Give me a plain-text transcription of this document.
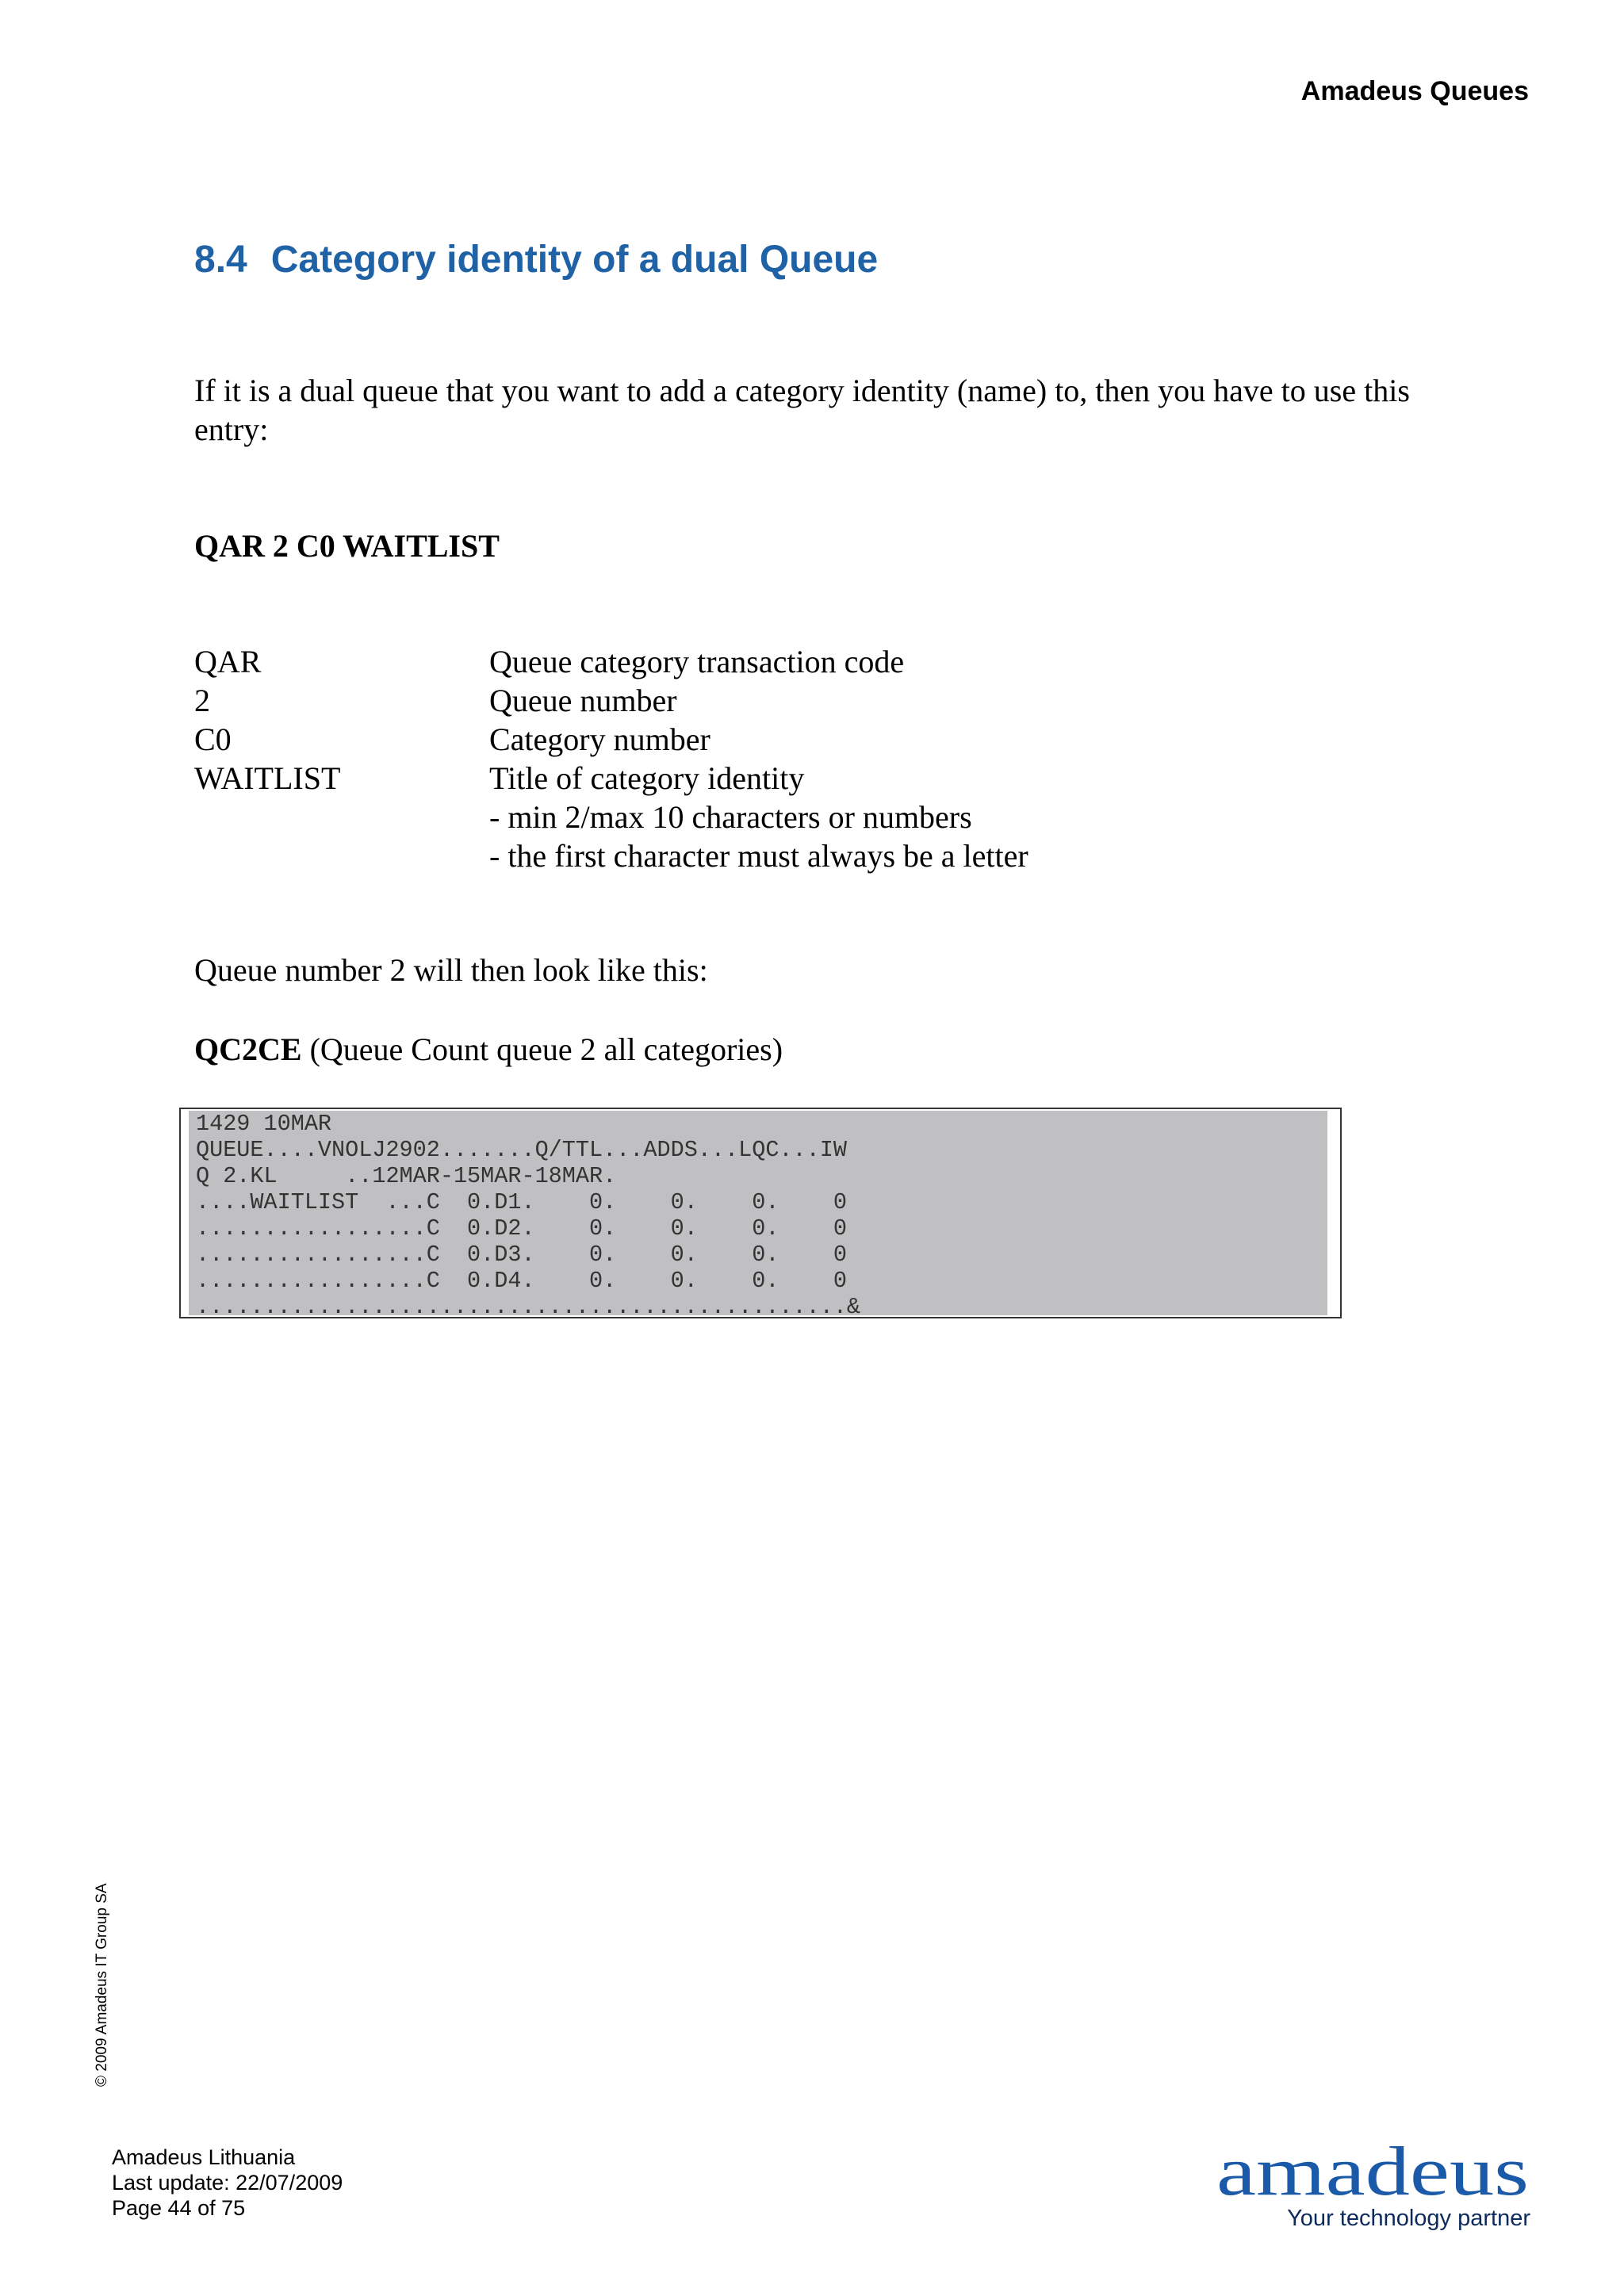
Amadeus Queues
8.4 Category identity of a dual Queue

If it is a dual queue that you want to add a category identity (name) to, then you have to use this entry:

QAR 2 C0 WAITLIST

QAR	Queue category transaction code
2	Queue number
C0	Category number
WAITLIST	Title of category identity
- min 2/max 10 characters or numbers
- the first character must always be a letter

Queue number 2 will then look like this:

QC2CE (Queue Count queue 2 all categories)

1429 10MAR
QUEUE....VNOLJ2902.......Q/TTL...ADDS...LQC...IW
Q 2.KL     ..12MAR-15MAR-18MAR.
....WAITLIST  ...C  0.D1.    0.    0.    0.    0
.................C  0.D2.    0.    0.    0.    0
.................C  0.D3.    0.    0.    0.    0
.................C  0.D4.    0.    0.    0.    0
................................................&
© 2009 Amadeus IT Group SA
Amadeus Lithuania
Last update: 22/07/2009
Page 44 of 75	amadeus
Your technology partner
